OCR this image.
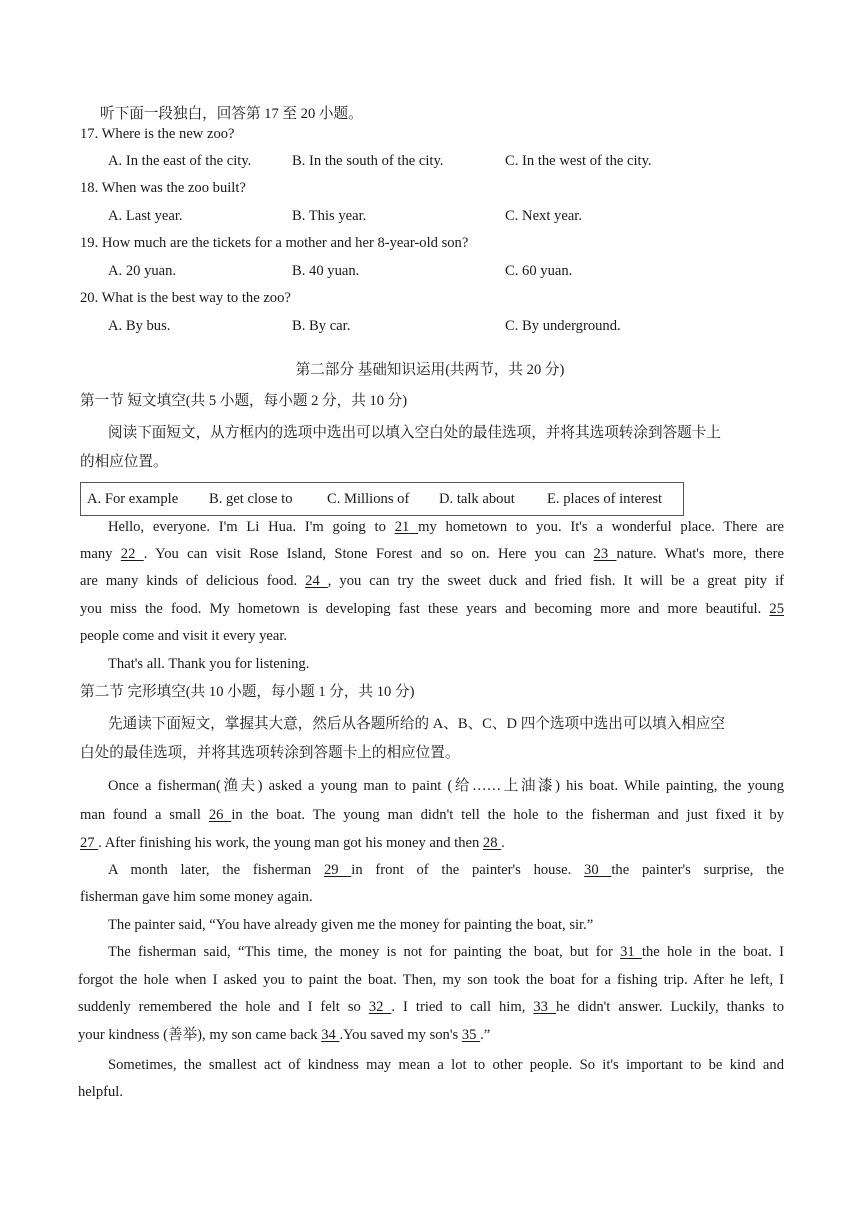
听下面一段独白，回答第 17 至 20 小题。
17. Where is the new zoo?
A. In the east of the city.	B. In the south of the city.	C. In the west of the city.
18. When was the zoo built?
A. Last year.	B. This year.	C. Next year.
19. How much are the tickets for a mother and her 8-year-old son?
A. 20 yuan.	B. 40 yuan.	C. 60 yuan.
20. What is the best way to the zoo?
A. By bus.	B. By car.	C. By underground.
第二部分 基础知识运用(共两节，共 20 分)
第一节 短文填空(共 5 小题，每小题 2 分，共 10 分)
阅读下面短文，从方框内的选项中选出可以填入空白处的最佳选项，并将其选项转涂到答题卡上
的相应位置。
A. For example B. get close to C. Millions of D. talk about E. places of interest
Hello, everyone. I'm Li Hua. I'm going to 21 my hometown to you. It's a wonderful place. There are
many 22 . You can visit Rose Island, Stone Forest and so on. Here you can 23 nature. What's more, there
are many kinds of delicious food. 24 , you can try the sweet duck and fried fish. It will be a great pity if
you miss the food. My hometown is developing fast these years and becoming more and more beautiful. 25
people come and visit it every year.
That's all. Thank you for listening.
第二节 完形填空(共 10 小题，每小题 1 分，共 10 分)
先通读下面短文，掌握其大意，然后从各题所给的 A、B、C、D 四个选项中选出可以填入相应空
白处的最佳选项，并将其选项转涂到答题卡上的相应位置。
Once a fisherman(渔夫) asked a young man to paint (给……上油漆) his boat. While painting, the young
man found a small 26 in the boat. The young man didn't tell the hole to the fisherman and just fixed it by
27 . After finishing his work, the young man got his money and then 28 .
A month later, the fisherman 29 in front of the painter's house. 30 the painter's surprise, the
fisherman gave him some money again.
The painter said, “You have already given me the money for painting the boat, sir.”
The fisherman said, “This time, the money is not for painting the boat, but for 31 the hole in the boat. I
forgot the hole when I asked you to paint the boat. Then, my son took the boat for a fishing trip. After he left, I
suddenly remembered the hole and I felt so 32 . I tried to call him, 33 he didn't answer. Luckily, thanks to
your kindness (善举), my son came back 34 .You saved my son's 35 .”
Sometimes, the smallest act of kindness may mean a lot to other people. So it's important to be kind and
helpful.
